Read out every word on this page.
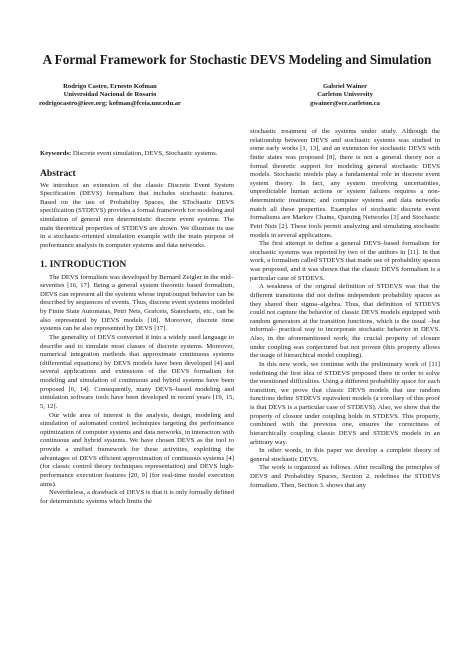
A Formal Framework for Stochastic DEVS Modeling and Simulation
Rodrigo Castro, Ernesto Kofman
Universidad Nacional de Rosario
rodrigocastro@ieee.org; kofman@fceia.unr.edu.ar
Gabriel Wainer
Carleton University
gwainer@sce.carleton.ca
Keywords: Discrete event simulation, DEVS, Stochastic systems.
Abstract

We introduce an extension of the classic Discrete Event System Specification (DEVS) formalism that includes stochastic features. Based on the use of Probability Spaces, the STochastic DEVS specification (STDEVS) provides a formal framework for modeling and simulation of general non deterministic discrete event systems. The main theoretical properties of STDEVS are shown. We illustrate its use in a stochastic-oriented simulation example with the main purpose of performance analysis in computer systems and data networks.

1. INTRODUCTION

The DEVS formalism was developed by Bernard Zeigler in the mid–seventies [16, 17]. Being a general system theoretic based formalism, DEVS can represent all the systems whose input/output behavior can be described by sequences of events. Thus, discrete event systems modeled by Finite State Automatas, Petri Nets, Grafcets, Statecharts, etc., can be also represented by DEVS models [18]. Moreover, discrete time systems can be also represented by DEVS [17].

The generality of DEVS converted it into a widely used language to describe and to simulate most classes of discrete systems. Moreover, numerical integration methods that approximate continuous systems (differential equations) by DEVS models have been developed [4] and several applications and extensions of the DEVS formalism for modeling and simulation of continuous and hybrid systems have been proposed [6, 14]. Consequently, many DEVS–based modeling and simulation software tools have been developed in recent years [19, 15, 5, 12].

Our wide area of interest is the analysis, design, modeling and simulation of automated control techniques targeting the performance optimization of computer systems and data networks, in interaction with continuous and hybrid systems. We have chosen DEVS as the tool to provide a unified framework for these activities, exploiting the advantages of DEVS efficient approximation of continuous systems [4] (for classic control theory techniques representation) and DEVS high-performance execution features [20, 9] (for real-time model execution aims).

Nevertheless, a drawback of DEVS is that it is only formally defined for deterministic systems which limits the

stochastic treatment of the systems under study. Although the relationship between DEVS and stochastic systems was studied in some early works [1, 13], and an extension for stochastic DEVS with finite states was proposed [8], there is not a general theory nor a formal theoretic support for modeling general stochastic DEVS models. Stochastic models play a fundamental role in discrete event system theory. In fact, any system involving uncertainties, unpredictable human actions or system failures requires a non-deterministic treatment; and computer systems and data networks match all these properties. Examples of stochastic discrete event formalisms are Markov Chains, Queuing Networks [3] and Stochastic Petri Nets [2]. These tools permit analyzing and simulating stochastic models in several applications.

The first attempt to define a general DEVS–based formalism for stochastic systems was reported by two of the authors in [11]. In that work, a formalism called STDEVS that made use of probability spaces was proposed, and it was shown that the classic DEVS formalism is a particular case of STDEVS.

A weakness of the original definition of STDEVS was that the different transitions did not define independent probability spaces as they shared their sigma–algebra. Thus, that definition of STDEVS could not capture the behavior of classic DEVS models equipped with random generators at the transition functions, which is the usual –but informal– practical way to incorporate stochastic behavior in DEVS. Also, in the aforementioned work, the crucial property of closure under coupling was conjectured but not proven (this property allows the usage of hierarchical model coupling).

In this new work, we continue with the preliminary work of [11] redefining the first idea of STDEVS proposed there in order to solve the mentioned difficulties. Using a different probability space for each transition, we prove that classic DEVS models that use random functions define STDEVS equivalent models (a corollary of this proof is that DEVS is a particular case of STDEVS). Also, we show that the property of closure under coupling holds in STDEVS. This property, combined with the previous one, ensures the correctness of hierarchically coupling classic DEVS and STDEVS models in an arbitrary way.

In other words, in this paper we develop a complete theory of general stochastic DEVS.

The work is organized as follows. After recalling the principles of DEVS and Probability Spaces, Section 2. redefines the STDEVS formalism. Then, Section 3. shows that any
